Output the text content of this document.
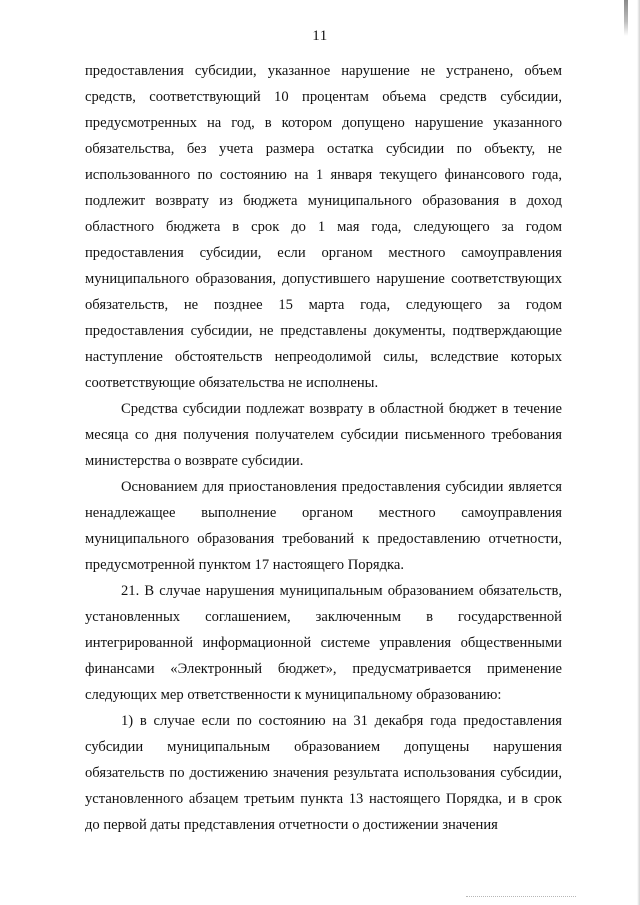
11

предоставления субсидии, указанное нарушение не устранено, объем средств, соответствующий 10 процентам объема средств субсидии, предусмотренных на год, в котором допущено нарушение указанного обязательства, без учета размера остатка субсидии по объекту, не использованного по состоянию на 1 января текущего финансового года, подлежит возврату из бюджета муниципального образования в доход областного бюджета в срок до 1 мая года, следующего за годом предоставления субсидии, если органом местного самоуправления муниципального образования, допустившего нарушение соответствующих обязательств, не позднее 15 марта года, следующего за годом предоставления субсидии, не представлены документы, подтверждающие наступление обстоятельств непреодолимой силы, вследствие которых соответствующие обязательства не исполнены.

Средства субсидии подлежат возврату в областной бюджет в течение месяца со дня получения получателем субсидии письменного требования министерства о возврате субсидии.

Основанием для приостановления предоставления субсидии является ненадлежащее выполнение органом местного самоуправления муниципального образования требований к предоставлению отчетности, предусмотренной пунктом 17 настоящего Порядка.

21. В случае нарушения муниципальным образованием обязательств, установленных соглашением, заключенным в государственной интегрированной информационной системе управления общественными финансами «Электронный бюджет», предусматривается применение следующих мер ответственности к муниципальному образованию:

1) в случае если по состоянию на 31 декабря года предоставления субсидии муниципальным образованием допущены нарушения обязательств по достижению значения результата использования субсидии, установленного абзацем третьим пункта 13 настоящего Порядка, и в срок до первой даты представления отчетности о достижении значения
